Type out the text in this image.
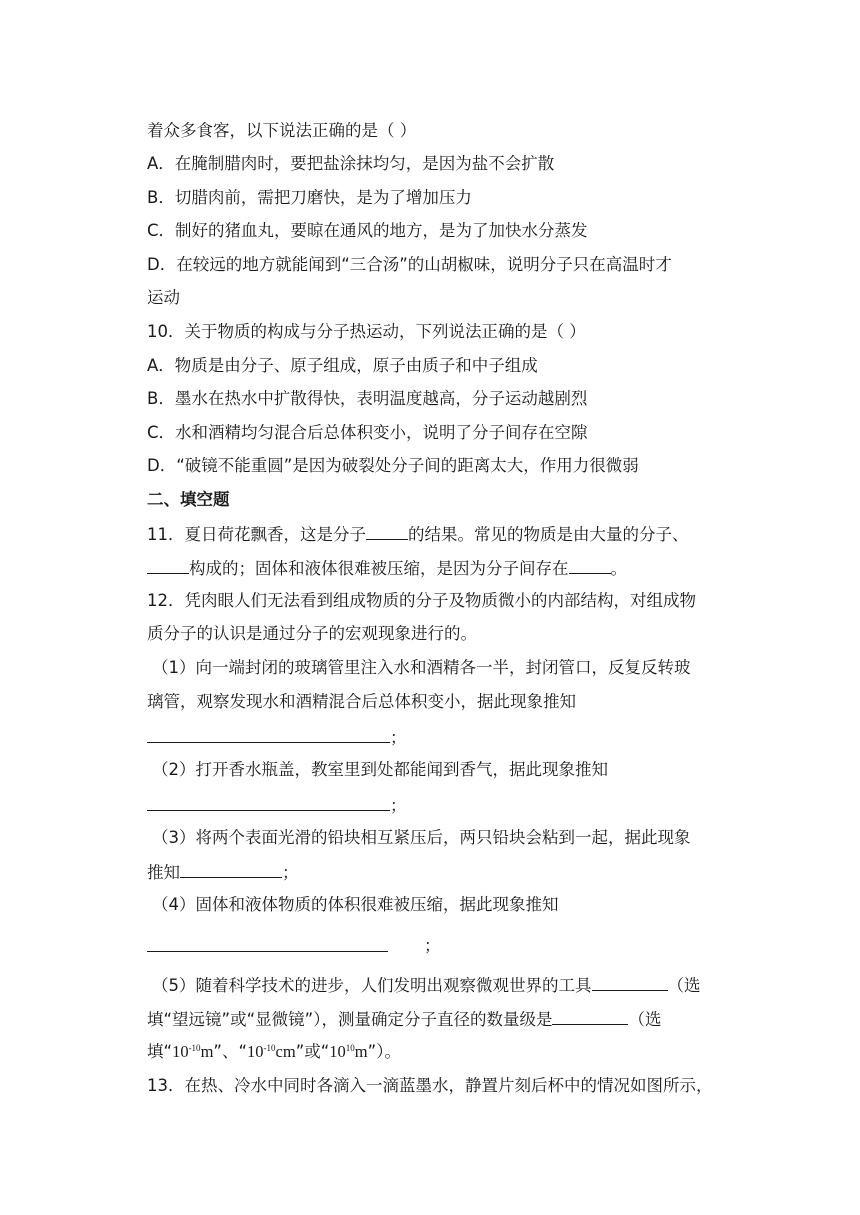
着众多食客，以下说法正确的是（ ）
A．在腌制腊肉时，要把盐涂抹均匀，是因为盐不会扩散
B．切腊肉前，需把刀磨快，是为了增加压力
C．制好的猪血丸，要晾在通风的地方，是为了加快水分蒸发
D．在较远的地方就能闻到“三合汤”的山胡椒味，说明分子只在高温时才
运动
10．关于物质的构成与分子热运动，下列说法正确的是（ ）
A．物质是由分子、原子组成，原子由质子和中子组成
B．墨水在热水中扩散得快，表明温度越高，分子运动越剧烈
C．水和酒精均匀混合后总体积变小，说明了分子间存在空隙
D．“破镜不能重圆”是因为破裂处分子间的距离太大，作用力很微弱
二、填空题
11．夏日荷花飘香，这是分子	的结果。常见的物质是由大量的分子、
构成的；固体和液体很难被压缩，是因为分子间存在	。
12．凭肉眼人们无法看到组成物质的分子及物质微小的内部结构，对组成物
质分子的认识是通过分子的宏观现象进行的。
（1）向一端封闭的玻璃管里注入水和酒精各一半，封闭管口，反复反转玻
璃管，观察发现水和酒精混合后总体积变小，据此现象推知
；
（2）打开香水瓶盖，教室里到处都能闻到香气，据此现象推知
；
（3）将两个表面光滑的铅块相互紧压后，两只铅块会粘到一起，据此现象
推知	；
（4）固体和液体物质的体积很难被压缩，据此现象推知
；
（5）随着科学技术的进步，人们发明出观察微观世界的工具	（选
填“望远镜”或“显微镜”），测量确定分子直径的数量级是	（选
填“$10^{-10}m$”、“$10^{-10}cm$”或“$10^{10}m$”）。
13．在热、冷水中同时各滴入一滴蓝墨水，静置片刻后杯中的情况如图所示，
